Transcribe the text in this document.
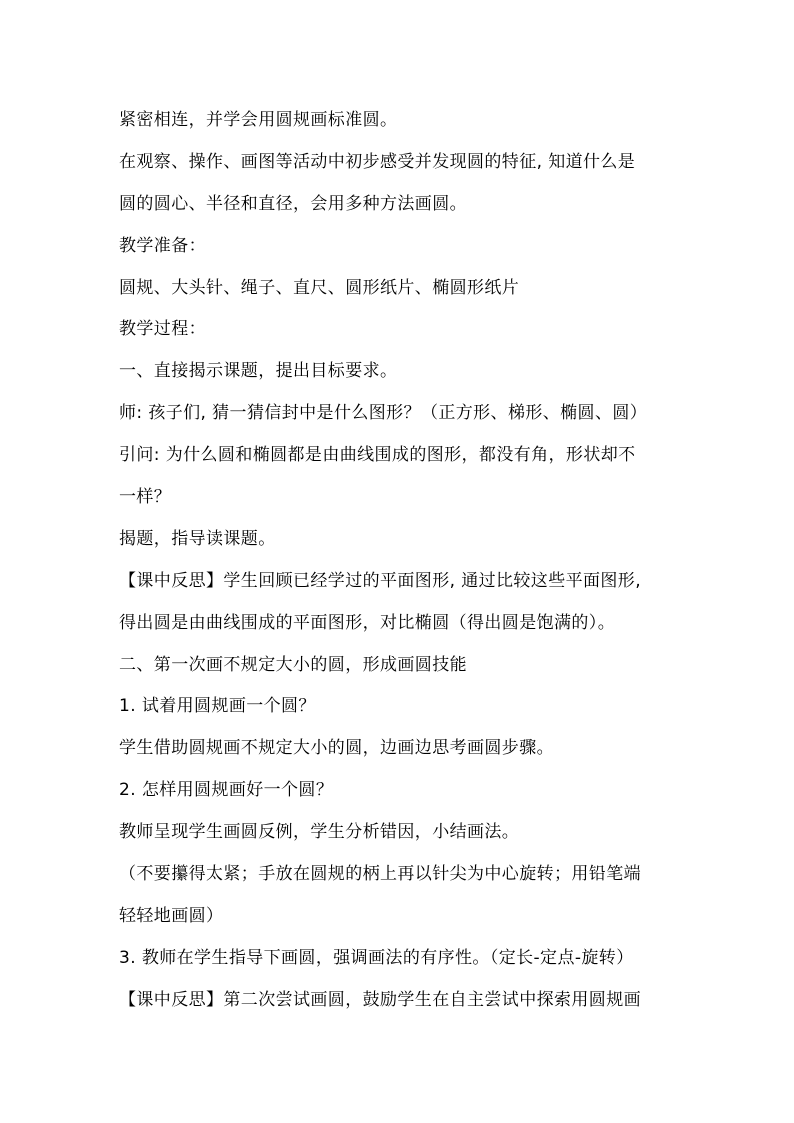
紧密相连，并学会用圆规画标准圆。
在观察、操作、画图等活动中初步感受并发现圆的特征, 知道什么是
圆的圆心、半径和直径，会用多种方法画圆。
教学准备：
圆规、大头针、绳子、直尺、圆形纸片、椭圆形纸片
教学过程：
一、直接揭示课题，提出目标要求。
师: 孩子们, 猜一猜信封中是什么图形？（正方形、梯形、椭圆、圆）
引问: 为什么圆和椭圆都是由曲线围成的图形，都没有角，形状却不
一样？
揭题，指导读课题。
【课中反思】学生回顾已经学过的平面图形, 通过比较这些平面图形,
得出圆是由曲线围成的平面图形，对比椭圆（得出圆是饱满的）。
二、第一次画不规定大小的圆，形成画圆技能
1. 试着用圆规画一个圆？
学生借助圆规画不规定大小的圆，边画边思考画圆步骤。
2. 怎样用圆规画好一个圆？
教师呈现学生画圆反例，学生分析错因，小结画法。
（不要攥得太紧；手放在圆规的柄上再以针尖为中心旋转；用铅笔端
轻轻地画圆）
3. 教师在学生指导下画圆，强调画法的有序性。（定长-定点-旋转）
【课中反思】第二次尝试画圆，鼓励学生在自主尝试中探索用圆规画
